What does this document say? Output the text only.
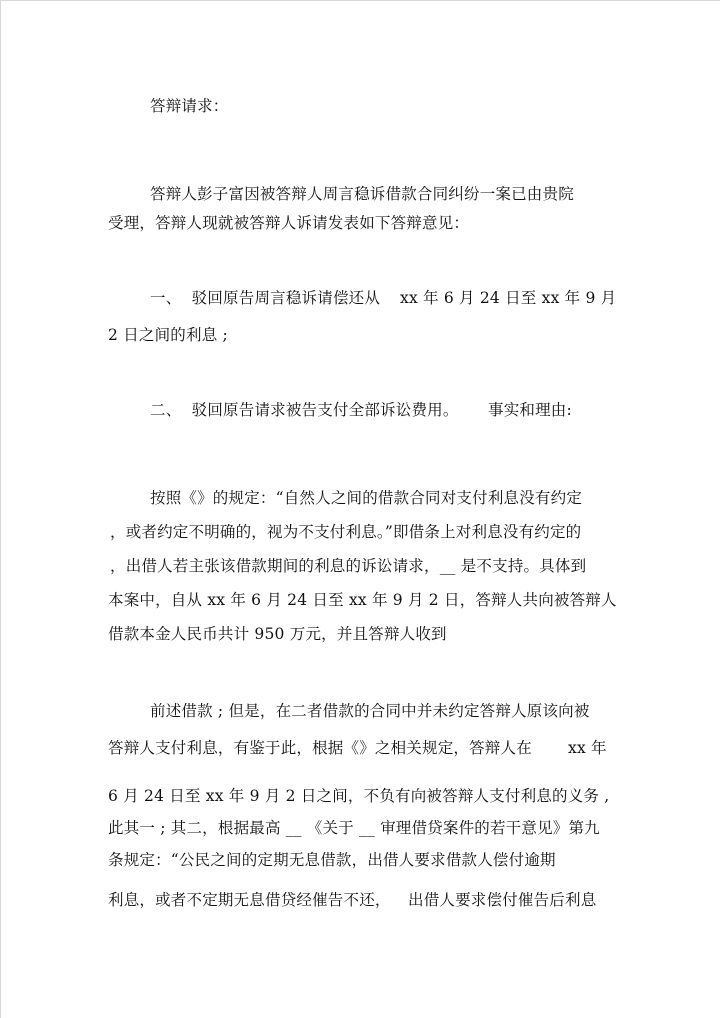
答辩请求：
答辩人彭子富因被答辩人周言稳诉借款合同纠纷一案已由贵院
受理，答辩人现就被答辩人诉请发表如下答辩意见：
一、  驳回原告周言稳诉请偿还从 xx 年 6 月 24 日至 xx 年 9 月
2 日之间的利息 ;
二、  驳回原告请求被告支付全部诉讼费用。 事实和理由:
按照《》的规定：“自然人之间的借款合同对支付利息没有约定
，或者约定不明确的，视为不支付利息。”即借条上对利息没有约定的
，出借人若主张该借款期间的利息的诉讼请求，__ 是不支持。具体到
本案中，自从 xx 年 6 月 24 日至 xx 年 9 月 2 日，答辩人共向被答辩人
借款本金人民币共计 950 万元，并且答辩人收到
前述借款 ; 但是，在二者借款的合同中并未约定答辩人原该向被
答辩人支付利息，有鉴于此，根据《》之相关规定，答辩人在 xx 年
6 月 24 日至 xx 年 9 月 2 日之间，不负有向被答辩人支付利息的义务 ,
此其一 ; 其二，根据最高 __ 《关于 __ 审理借贷案件的若干意见》第九
条规定：“公民之间的定期无息借款，出借人要求借款人偿付逾期
利息，或者不定期无息借贷经催告不还， 出借人要求偿付催告后利息
